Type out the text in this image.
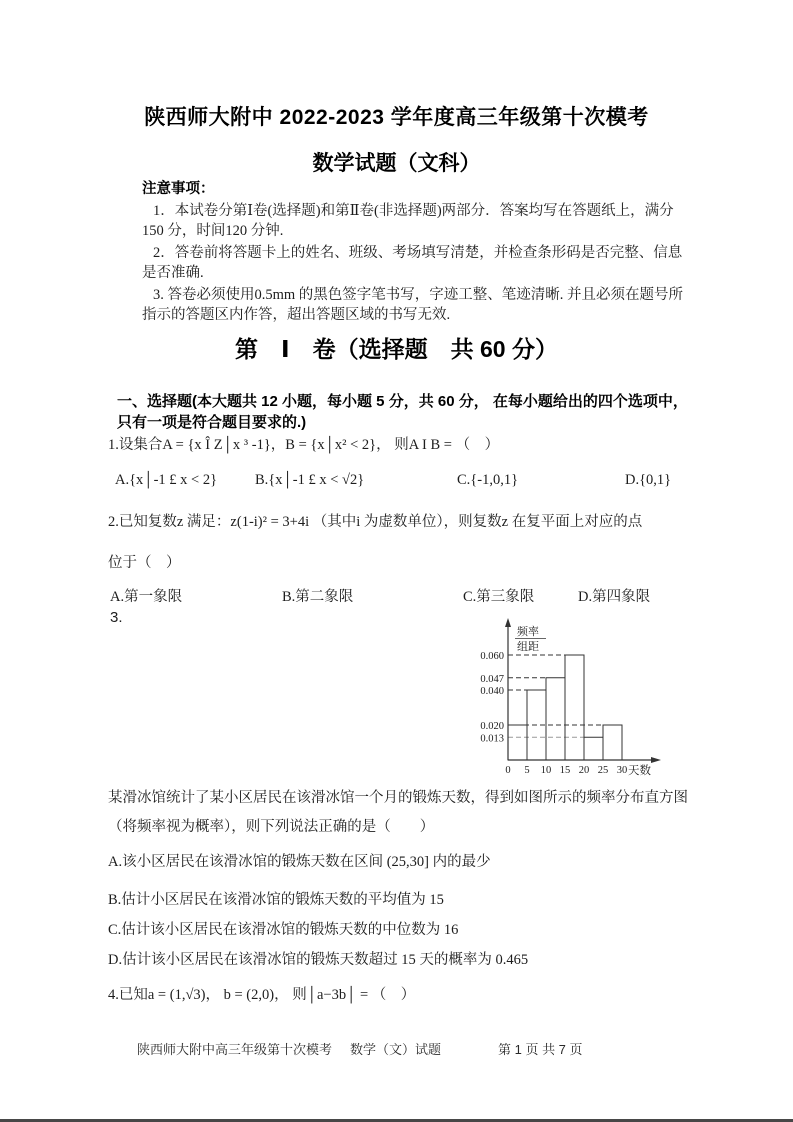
陕西师大附中 2022-2023 学年度高三年级第十次模考
数学试题（文科）
注意事项：

1．本试卷分第Ⅰ卷(选择题)和第Ⅱ卷(非选择题)两部分．答案均写在答题纸上，满分150 分，时间120 分钟.

2．答卷前将答题卡上的姓名、班级、考场填写清楚，并检查条形码是否完整、信息是否准确.

3. 答卷必须使用0.5mm 的黑色签字笔书写，字迹工整、笔迹清晰. 并且必须在题号所指示的答题区内作答，超出答题区域的书写无效.

第　Ⅰ　卷（选择题　共 60 分）
一、选择题(本大题共 12 小题，每小题 5 分，共 60 分， 在每小题给出的四个选项中，只有一项是符合题目要求的.)
1.设集合A = {x Î Z│x ³ -1}，B = {x│x² < 2}， 则A Ι B = （　）
A.{x│-1 £ x < 2}	B.{x│-1 £ x < √2}	C.{-1,0,1}	D.{0,1}
2.已知复数z 满足：z(1-i)² = 3+4i （其中i 为虚数单位），则复数z 在复平面上对应的点
位于（　）
A.第一象限	B.第二象限	C.第三象限	D.第四象限
3.
0.060
0.047
0.040
0.020
0.013
0 5 10 15 20 25 30
频率
组距
天数
某滑冰馆统计了某小区居民在该滑冰馆一个月的锻炼天数，得到如图所示的频率分布直方图
（将频率视为概率），则下列说法正确的是（　　）
A.该小区居民在该滑冰馆的锻炼天数在区间 (25,30] 内的最少
B.估计小区居民在该滑冰馆的锻炼天数的平均值为 15
C.估计该小区居民在该滑冰馆的锻炼天数的中位数为 16
D.估计该小区居民在该滑冰馆的锻炼天数超过 15 天的概率为 0.465
4.已知a = (1,√3)， b = (2,0)， 则│a−3b│ = （　）
陕西师大附中高三年级第十次模考 数学（文）试题	第 1 页 共 7 页
